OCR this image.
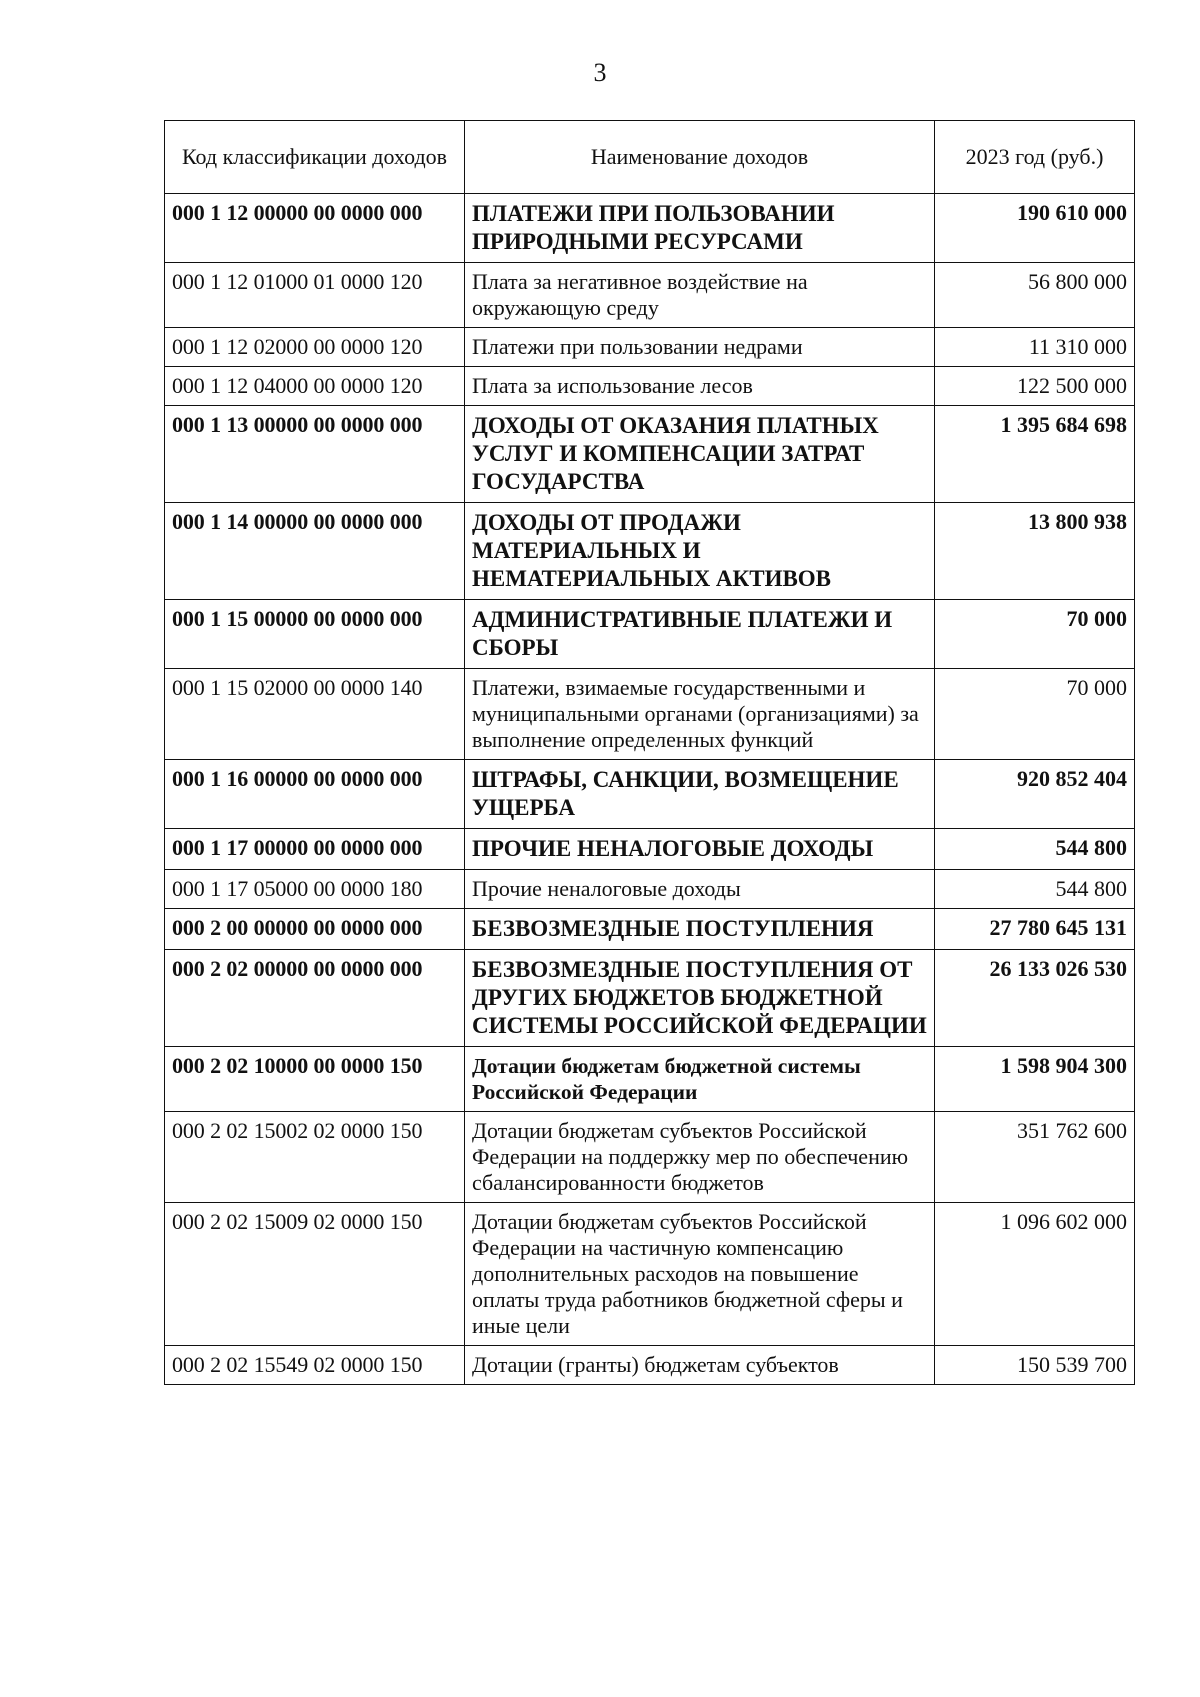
3
Код классификации доходов	Наименование доходов	2023 год (руб.)
000 1 12 00000 00 0000 000	ПЛАТЕЖИ ПРИ ПОЛЬЗОВАНИИ ПРИРОДНЫМИ РЕСУРСАМИ	190 610 000
000 1 12 01000 01 0000 120	Плата за негативное воздействие на окружающую среду	56 800 000
000 1 12 02000 00 0000 120	Платежи при пользовании недрами	11 310 000
000 1 12 04000 00 0000 120	Плата за использование лесов	122 500 000
000 1 13 00000 00 0000 000	ДОХОДЫ ОТ ОКАЗАНИЯ ПЛАТНЫХ УСЛУГ И КОМПЕНСАЦИИ ЗАТРАТ ГОСУДАРСТВА	1 395 684 698
000 1 14 00000 00 0000 000	ДОХОДЫ ОТ ПРОДАЖИ МАТЕРИАЛЬНЫХ И НЕМАТЕРИАЛЬНЫХ АКТИВОВ	13 800 938
000 1 15 00000 00 0000 000	АДМИНИСТРАТИВНЫЕ ПЛАТЕЖИ И СБОРЫ	70 000
000 1 15 02000 00 0000 140	Платежи, взимаемые государственными и муниципальными органами (организациями) за выполнение определенных функций	70 000
000 1 16 00000 00 0000 000	ШТРАФЫ, САНКЦИИ, ВОЗМЕЩЕНИЕ УЩЕРБА	920 852 404
000 1 17 00000 00 0000 000	ПРОЧИЕ НЕНАЛОГОВЫЕ ДОХОДЫ	544 800
000 1 17 05000 00 0000 180	Прочие неналоговые доходы	544 800
000 2 00 00000 00 0000 000	БЕЗВОЗМЕЗДНЫЕ ПОСТУПЛЕНИЯ	27 780 645 131
000 2 02 00000 00 0000 000	БЕЗВОЗМЕЗДНЫЕ ПОСТУПЛЕНИЯ ОТ ДРУГИХ БЮДЖЕТОВ БЮДЖЕТНОЙ СИСТЕМЫ РОССИЙСКОЙ ФЕДЕРАЦИИ	26 133 026 530
000 2 02 10000 00 0000 150	Дотации бюджетам бюджетной системы Российской Федерации	1 598 904 300
000 2 02 15002 02 0000 150	Дотации бюджетам субъектов Российской Федерации на поддержку мер по обеспечению сбалансированности бюджетов	351 762 600
000 2 02 15009 02 0000 150	Дотации бюджетам субъектов Российской Федерации на частичную компенсацию дополнительных расходов на повышение оплаты труда работников бюджетной сферы и иные цели	1 096 602 000
000 2 02 15549 02 0000 150	Дотации (гранты) бюджетам субъектов	150 539 700
